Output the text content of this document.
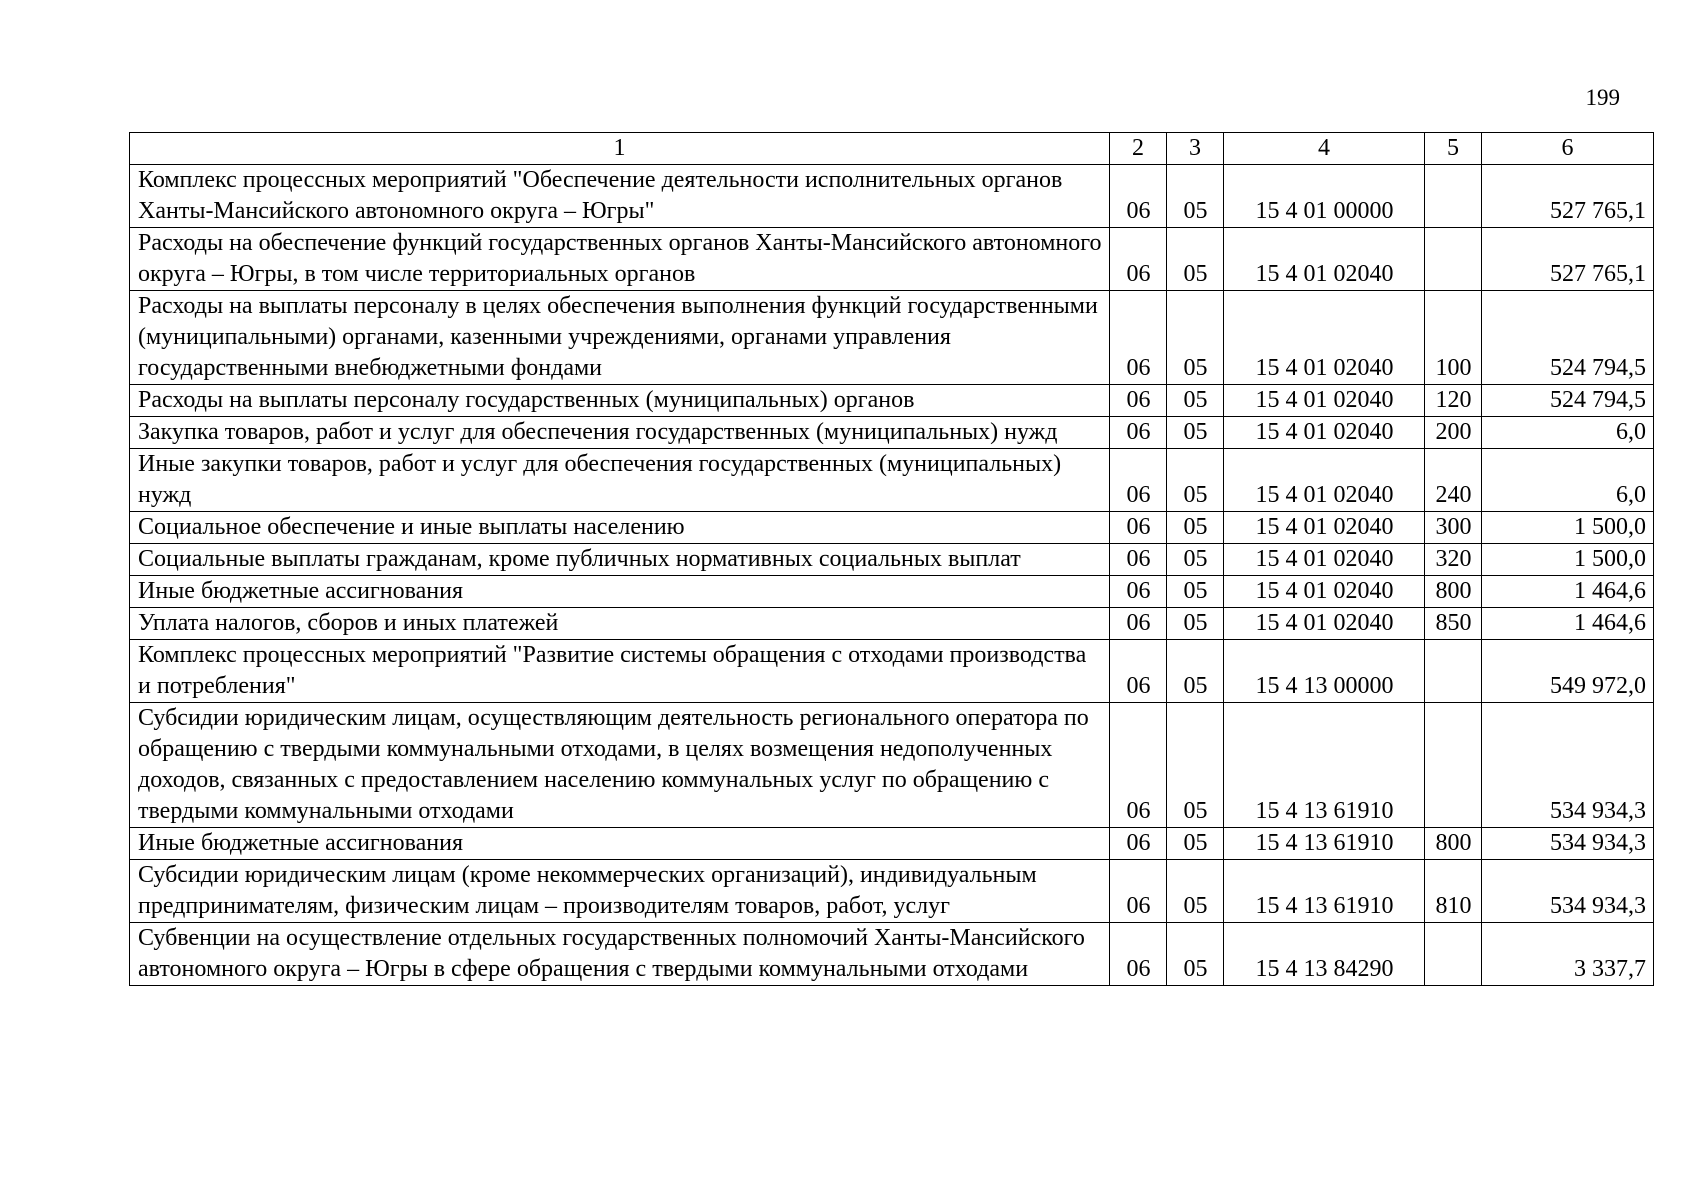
199
1	2	3	4	5	6
Комплекс процессных мероприятий "Обеспечение деятельности исполнительных органов Ханты-Мансийского автономного округа – Югры"	06	05	15 4 01 00000		527 765,1
Расходы на обеспечение функций государственных органов Ханты-Мансийского автономного округа – Югры, в том числе территориальных органов	06	05	15 4 01 02040		527 765,1
Расходы на выплаты персоналу в целях обеспечения выполнения функций государственными (муниципальными) органами, казенными учреждениями, органами управления государственными внебюджетными фондами	06	05	15 4 01 02040	100	524 794,5
Расходы на выплаты персоналу государственных (муниципальных) органов	06	05	15 4 01 02040	120	524 794,5
Закупка товаров, работ и услуг для обеспечения государственных (муниципальных) нужд	06	05	15 4 01 02040	200	6,0
Иные закупки товаров, работ и услуг для обеспечения государственных (муниципальных) нужд	06	05	15 4 01 02040	240	6,0
Социальное обеспечение и иные выплаты населению	06	05	15 4 01 02040	300	1 500,0
Социальные выплаты гражданам, кроме публичных нормативных социальных выплат	06	05	15 4 01 02040	320	1 500,0
Иные бюджетные ассигнования	06	05	15 4 01 02040	800	1 464,6
Уплата налогов, сборов и иных платежей	06	05	15 4 01 02040	850	1 464,6
Комплекс процессных мероприятий "Развитие системы обращения с отходами производства и потребления"	06	05	15 4 13 00000		549 972,0
Субсидии юридическим лицам, осуществляющим деятельность регионального оператора по обращению с твердыми коммунальными отходами, в целях возмещения недополученных доходов, связанных с предоставлением населению коммунальных услуг по обращению с твердыми коммунальными отходами	06	05	15 4 13 61910		534 934,3
Иные бюджетные ассигнования	06	05	15 4 13 61910	800	534 934,3
Субсидии юридическим лицам (кроме некоммерческих организаций), индивидуальным предпринимателям, физическим лицам – производителям товаров, работ, услуг	06	05	15 4 13 61910	810	534 934,3
Субвенции на осуществление отдельных государственных полномочий Ханты-Мансийского автономного округа – Югры в сфере обращения с твердыми коммунальными отходами	06	05	15 4 13 84290		3 337,7
